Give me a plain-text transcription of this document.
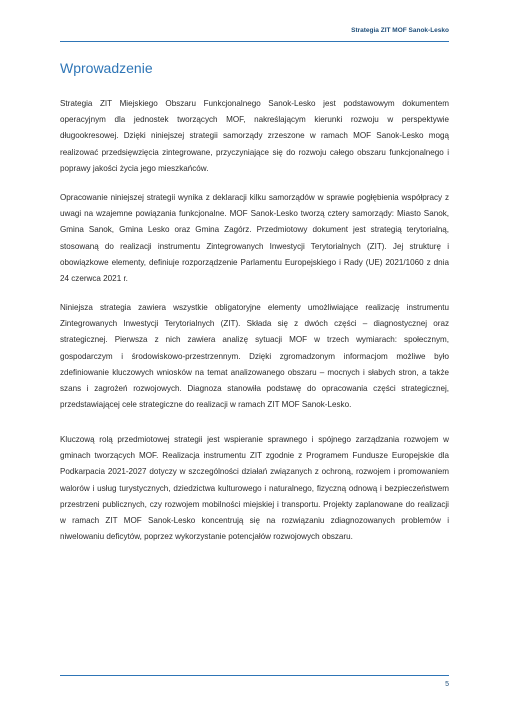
Strategia ZIT MOF Sanok-Lesko
Wprowadzenie

Strategia ZIT Miejskiego Obszaru Funkcjonalnego Sanok-Lesko jest podstawowym dokumentem operacyjnym dla jednostek tworzących MOF, nakreślającym kierunki rozwoju w perspektywie długookresowej. Dzięki niniejszej strategii samorządy zrzeszone w ramach MOF Sanok-Lesko mogą realizować przedsięwzięcia zintegrowane, przyczyniające się do rozwoju całego obszaru funkcjonalnego i poprawy jakości życia jego mieszkańców.

Opracowanie niniejszej strategii wynika z deklaracji kilku samorządów w sprawie pogłębienia współpracy z uwagi na wzajemne powiązania funkcjonalne. MOF Sanok-Lesko tworzą cztery samorządy: Miasto Sanok, Gmina Sanok, Gmina Lesko oraz Gmina Zagórz. Przedmiotowy dokument jest strategią terytorialną, stosowaną do realizacji instrumentu Zintegrowanych Inwestycji Terytorialnych (ZIT). Jej strukturę i obowiązkowe elementy, definiuje rozporządzenie Parlamentu Europejskiego i Rady (UE) 2021/1060 z dnia 24 czerwca 2021 r.

Niniejsza strategia zawiera wszystkie obligatoryjne elementy umożliwiające realizację instrumentu Zintegrowanych Inwestycji Terytorialnych (ZIT). Składa się z dwóch części – diagnostycznej oraz strategicznej. Pierwsza z nich zawiera analizę sytuacji MOF w trzech wymiarach: społecznym, gospodarczym i środowiskowo-przestrzennym. Dzięki zgromadzonym informacjom możliwe było zdefiniowanie kluczowych wniosków na temat analizowanego obszaru – mocnych i słabych stron, a także szans i zagrożeń rozwojowych. Diagnoza stanowiła podstawę do opracowania części strategicznej, przedstawiającej cele strategiczne do realizacji w ramach ZIT MOF Sanok-Lesko.

Kluczową rolą przedmiotowej strategii jest wspieranie sprawnego i spójnego zarządzania rozwojem w gminach tworzących MOF. Realizacja instrumentu ZIT zgodnie z Programem Fundusze Europejskie dla Podkarpacia 2021-2027 dotyczy w szczególności działań związanych z ochroną, rozwojem i promowaniem walorów i usług turystycznych, dziedzictwa kulturowego i naturalnego, fizyczną odnową i bezpieczeństwem przestrzeni publicznych, czy rozwojem mobilności miejskiej i transportu. Projekty zaplanowane do realizacji w ramach ZIT MOF Sanok-Lesko koncentrują się na rozwiązaniu zdiagnozowanych problemów i niwelowaniu deficytów, poprzez wykorzystanie potencjałów rozwojowych obszaru.

5
